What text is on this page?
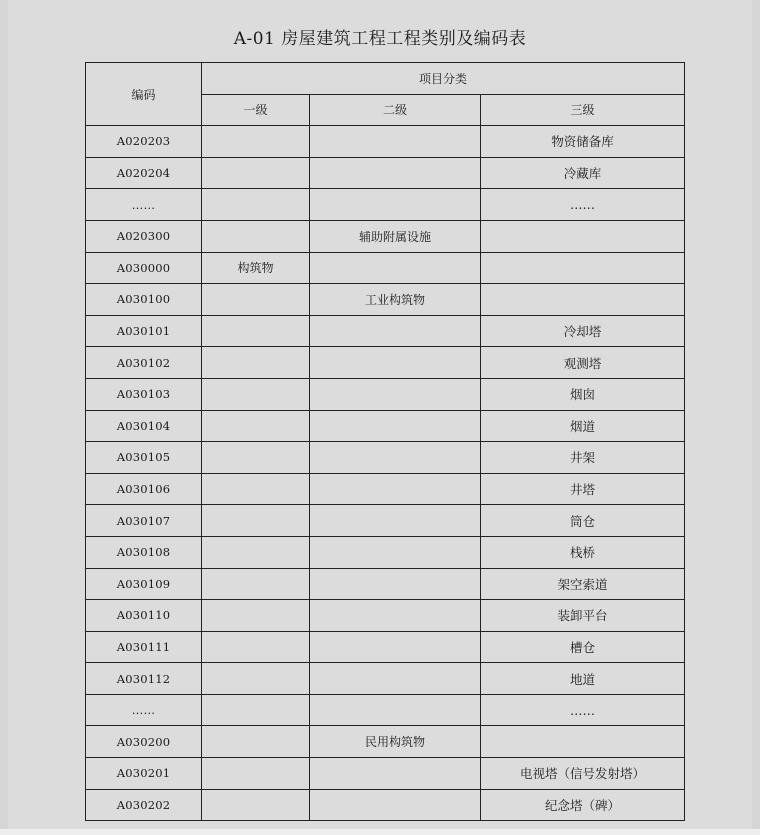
A-01 房屋建筑工程工程类别及编码表
编码	项目分类		
	一级	二级	三级
A020203			物资储备库
A020204			冷藏库
……			……
A020300		辅助附属设施	
A030000	构筑物		
A030100		工业构筑物	
A030101			冷却塔
A030102			观测塔
A030103			烟囱
A030104			烟道
A030105			井架
A030106			井塔
A030107			筒仓
A030108			栈桥
A030109			架空索道
A030110			装卸平台
A030111			槽仓
A030112			地道
……			……
A030200		民用构筑物	
A030201			电视塔（信号发射塔）
A030202			纪念塔（碑）
